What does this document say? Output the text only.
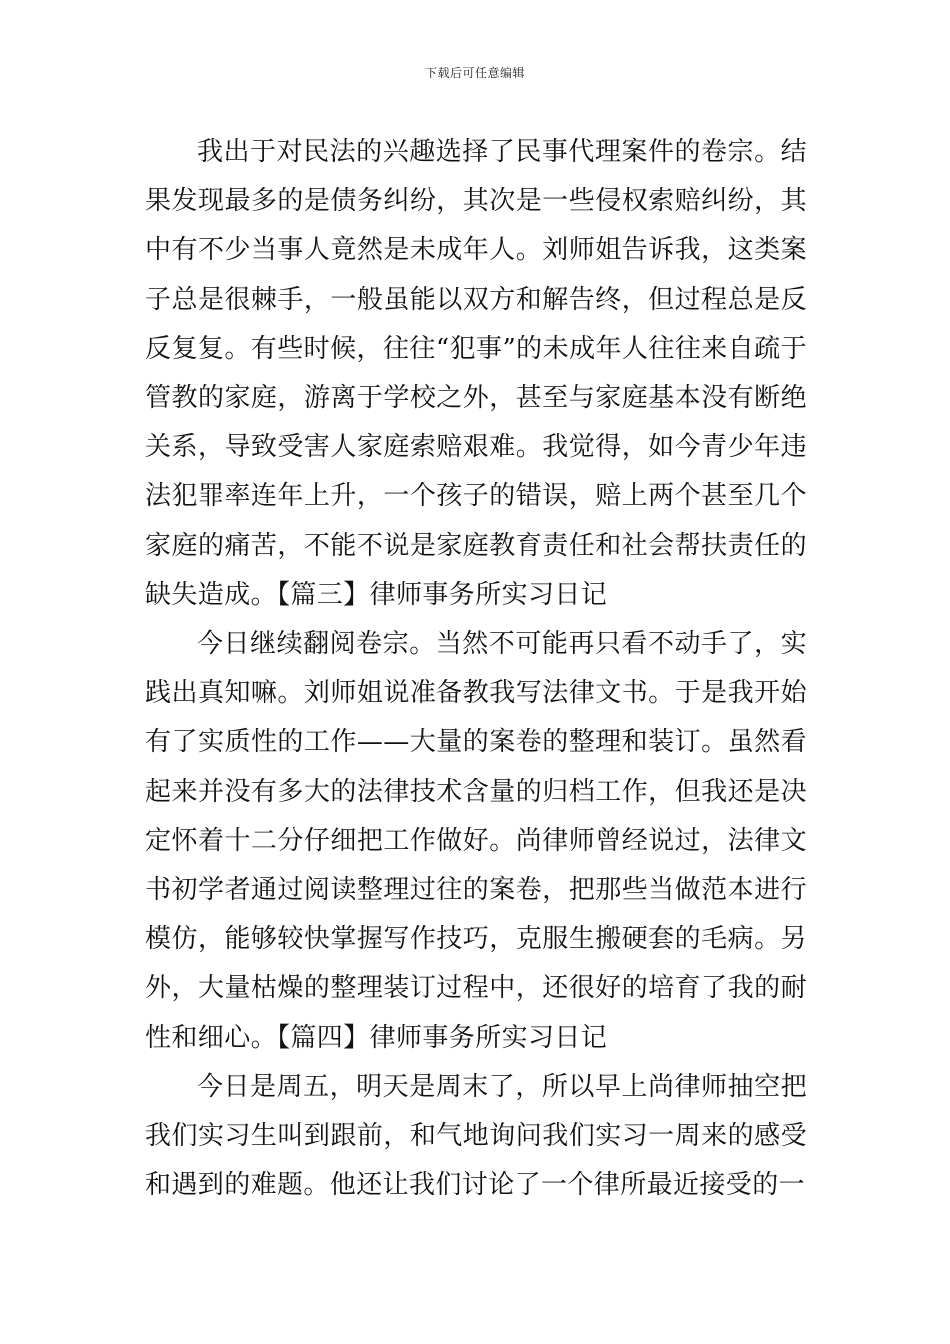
下载后可任意编辑

我出于对民法的兴趣选择了民事代理案件的卷宗。结果发现最多的是债务纠纷，其次是一些侵权索赔纠纷，其中有不少当事人竟然是未成年人。刘师姐告诉我，这类案子总是很棘手，一般虽能以双方和解告终，但过程总是反反复复。有些时候，往往“犯事”的未成年人往往来自疏于管教的家庭，游离于学校之外，甚至与家庭基本没有断绝关系，导致受害人家庭索赔艰难。我觉得，如今青少年违法犯罪率连年上升，一个孩子的错误，赔上两个甚至几个家庭的痛苦，不能不说是家庭教育责任和社会帮扶责任的缺失造成。【篇三】律师事务所实习日记

今日继续翻阅卷宗。当然不可能再只看不动手了，实践出真知嘛。刘师姐说准备教我写法律文书。于是我开始有了实质性的工作——大量的案卷的整理和装订。虽然看起来并没有多大的法律技术含量的归档工作，但我还是决定怀着十二分仔细把工作做好。尚律师曾经说过，法律文书初学者通过阅读整理过往的案卷，把那些当做范本进行模仿，能够较快掌握写作技巧，克服生搬硬套的毛病。另外，大量枯燥的整理装订过程中，还很好的培育了我的耐性和细心。【篇四】律师事务所实习日记

今日是周五，明天是周末了，所以早上尚律师抽空把我们实习生叫到跟前，和气地询问我们实习一周来的感受和遇到的难题。他还让我们讨论了一个律所最近接受的一
